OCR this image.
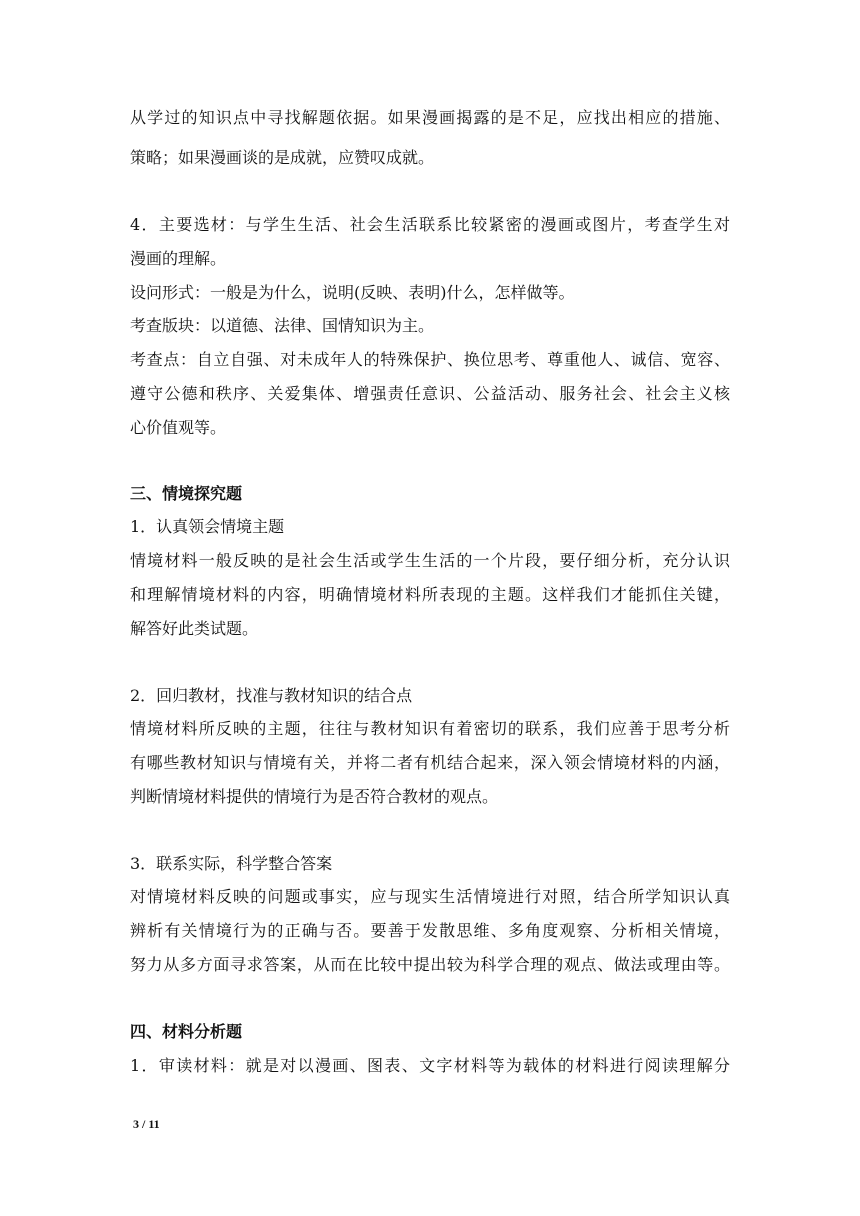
从学过的知识点中寻找解题依据。如果漫画揭露的是不足，应找出相应的措施、
策略；如果漫画谈的是成就，应赞叹成就。
4．主要选材：与学生生活、社会生活联系比较紧密的漫画或图片，考查学生对
漫画的理解。
设问形式：一般是为什么，说明(反映、表明)什么，怎样做等。
考查版块：以道德、法律、国情知识为主。
考查点：自立自强、对未成年人的特殊保护、换位思考、尊重他人、诚信、宽容、
遵守公德和秩序、关爱集体、增强责任意识、公益活动、服务社会、社会主义核
心价值观等。
三、情境探究题
1．认真领会情境主题
情境材料一般反映的是社会生活或学生生活的一个片段，要仔细分析，充分认识
和理解情境材料的内容，明确情境材料所表现的主题。这样我们才能抓住关键，
解答好此类试题。
2．回归教材，找准与教材知识的结合点
情境材料所反映的主题，往往与教材知识有着密切的联系，我们应善于思考分析
有哪些教材知识与情境有关，并将二者有机结合起来，深入领会情境材料的内涵，
判断情境材料提供的情境行为是否符合教材的观点。
3．联系实际，科学整合答案
对情境材料反映的问题或事实，应与现实生活情境进行对照，结合所学知识认真
辨析有关情境行为的正确与否。要善于发散思维、多角度观察、分析相关情境，
努力从多方面寻求答案，从而在比较中提出较为科学合理的观点、做法或理由等。
四、材料分析题
1．审读材料：就是对以漫画、图表、文字材料等为载体的材料进行阅读理解分
3 / 11
